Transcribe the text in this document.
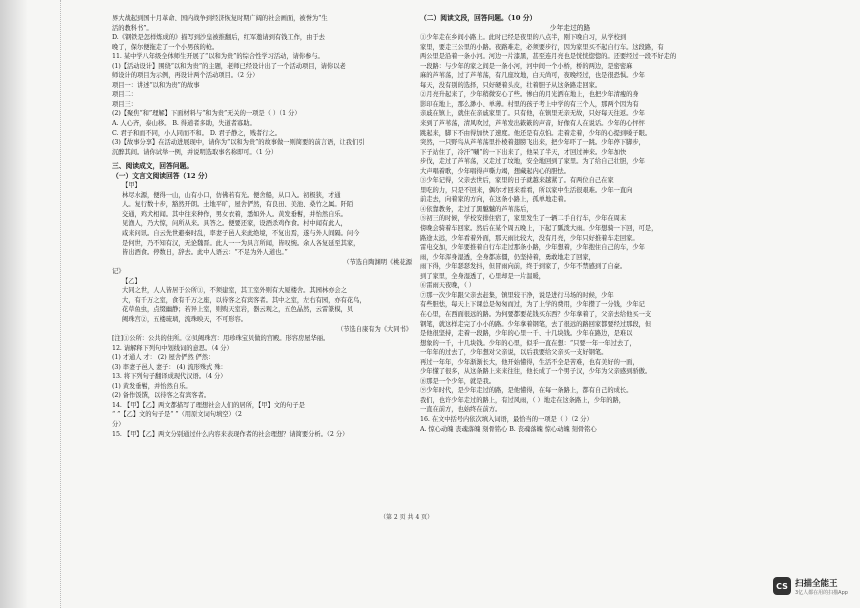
界大战起到国十月革命、国内战争到经济恢复时期广阔的社会画面，被誉为“生
活的教科书”。
D.《钢铁是怎样炼成的》描写到沙皇被推翻后，红军邀请到有钱工作，由于去
晚了，保尔便拖走了一个小男孩的枪。
11. 某中学八年级全体师生开展了“以和为贵”的综合性学习活动，请你参与。
(1)【活动设计】围绕“以和为贵”的主题，老师已经设计出了一个活动项目，请你以老
师设计的项目为示例，再设计两个活动项目。（2 分）
项目一：讲述“以和为贵”的故事
项目二：
项目三：
(2)【聚焦“和”理解】下面材料与“和为贵”无关的一项是（ ）（1 分）
A. 人心齐，泰山移。 B. 得道者多助，失道者寡助。
C. 君子和而不同，小人同而不和。 D. 君子静之，贱者行之。
(3)【故事分享】在活动进展现中，请你为“以和为贵”的故事做一则简要的前言语，让我们引
沉醉其间。请你试举一例，并说明选取事名称即可。（1 分）
三、阅读成文，回答问题。
（一）文言文阅读回答（12 分）
【甲】
林尽水源，便得一山，山有小口，仿佛若有光。便舍船，从口入。初极狭，才通
人。复行数十步，豁然开朗。土地平旷，屋舍俨然，有良田、美池、桑竹之属。阡陌
交通，鸡犬相闻。其中往来种作，男女衣着，悉如外人。黄发垂髫，并怡然自乐。
见渔人，乃大惊，问所从来。具答之。便要还家，设酒杀鸡作食。村中闻有此人，
咸来问讯。自云先世避秦时乱，率妻子邑人来此绝境，不复出焉，遂与外人间隔。问今
是何世，乃不知有汉，无论魏晋。此人一一为具言所闻，皆叹惋。余人各复延至其家，
皆出酒食。停数日，辞去。此中人语云：“不足为外人道也。”
（节选自陶渊明《桃花源
记》
【乙】
大同之世，人人皆居于公所①，不须建室，其工室外则有大厦楼舍。其园林亦会之
大，有千万之室，食有千万之座，以待客之有宾客者。其中之室，左右有园，亦有花鸟，
花草鱼虫，点缀幽静；若异上室，则购天室岩，器云观之，五色晶然，云雷篆模，贝
阙珠宫②，五楼琉璃，流珠映天，不可形容。
（节选自康有为《大同书》
[注]①公所：公共的住所。②贝阙珠宫：用珍珠宝贝做的宫殿。形容房屋华丽。
12. 请解释下列句中划线词的意思。（4 分）
(1) 才通人 才： (2) 屋舍俨然 俨然：
(3) 率妻子邑人 妻子： (4) 流形殊式 殊：
13. 将下列句子翻译成现代汉语。（4 分）
(1) 黄发垂髫，并怡然自乐。
(2) 备作饭馔，以待客之有宾客者。
14. 【甲】【乙】两文都描写了理想社会人们的居所，【甲】文的句子是
“ ”【乙】文的句子是“ ”（用原文词句填空）（2
分）
15. 【甲】【乙】两文分别通过什么内容来表现作者的社会理想？请简要分析。（2 分）
（二）阅读文段，回答问题。（10 分）
少年走过的路
①少年走在乡间小路上。此时已经是夜里的八点半，刚下晚自习，从学校到
家里，要走三公里的小路。夜路难走，必须要步行，因为家里买不起自行车。这段路，有
两公里是沿着一条小河。河边一片漆黑，甚至连月亮也是恍恍惚惚的。还要经过一段不好走的
一段路：与少年的家之间是一条小河，河中间一个小桥，桥的两边，是密密麻
麻的芦苇荡，过了芦苇荡，有几座坟地，白天尚可，夜晚经过，也是很恐惧。少年
每天，没有别的选择，只好硬着头皮，壮着胆子从这条路走回家。
②月亮升起来了，少年稍微安心了些。惨白的月光洒在地上，也把少年清瘦的身
影印在地上，那么渺小、单薄。村里的孩子考上中学的有三个人，那两个因为有
亲戚在镇上，就住在亲戚家里了。只有他，在镇里无亲无故，只好每天往返。少年
来到了芦苇荡，清风吹过，芦苇发出簌簌的声音，好像有人在说话。少年的心怦怦
跳起来，脚下不由得加快了速度。他还是有点怕。走着走着，少年的心提到嗓子眼。
突然，一只野鸟从芦苇荡里扑棱着翅膀飞出来，把少年吓了一跳。少年停下脚步，
下子站住了，冷汗“唰”的一下出来了，他呆了半天，才回过神来。少年加快
步伐，走过了芦苇荡，又走过了坟地，安全地回到了家里。为了给自己壮胆，少年
大声唱着歌，少年唱得声嘶力竭，想藏起内心的胆怯。
③少年记得，父亲去世后，家里的日子就越来越紧了。有两位自己在家
里吃的力，只是不回来，偶尔才回来看看，所以家中生活很艰难。少年一直向
前走去，向着家的方向，在这条小路上，孤单地走着。
④依靠教务，走过了黑魆魆的芦苇荡后，
⑤初三的时候，学校安排住宿了，家里发生了一辆二手自行车，少年在周末
傍晚会骑着车回家。然后在某个周五晚上，下起了瓢泼大雨。少年想骑一下回，可是，
路途太远，少年看着外面，那天雨比较大，没有月亮，少年只好推着车走回家。
雷电交加，少年要推着自行车走过那条小路，少年想着，少年抱住自己的车，少年
雨，少年浑身湿透，全身都冻僵，仍坚持着，勇敢地走了回家，
雨下得，少年瑟瑟发抖，但冒雨向前，终于到家了，少年不禁感到了自豪。
到了家里，全身湿透了，心里却是一片温暖，
⑥雷雨天夜晚，（ ）
⑦那一次少年跟父亲去赶集，镇里较干净，说是进行马场的时候，少年
有些胆怯，每天上下课总是匆匆而过，为了上学的费用，少年攒了一分钱，少年记
在心里，在西面很远的路。为何要都要花钱买东西？少年拿着了，父亲去给他买一支
钢笔，就这样走完了小小的路。少年拿着钢笔，去了很远的路回家都要经过那段，但
是他很坚持，走着一段路，少年的心里一千、十几块钱。少年在路边，是难以
想象的一千，十几块钱。少年的心里，似乎一直在想：“只要一年一年过去了，
一年年的过去了，少年想对父亲说，以后我要给父亲买一支好钢笔。
再过一年年，少年渐渐长大，他开始懂得，生活不全是苦难，也有美好的一面，
少年懂了很多，从这条路上来来往往，他长成了一个男子汉，少年为父亲感到骄傲。
⑧那是一个少年，就是我。
⑨少年时代，是少年走过的路，是他懂得，在每一条路上，都有自己的成长。
我们，也许少年走过的路上，有过风雨，（ ）地走在这条路上，少年的路，
一直在前方，也始终在前方。
16. 在文中括号内依次填入词语，最恰当的一项是（ ）（2 分）
A. 惊心动魄 丧魂落魄 刻骨铭心 B. 丧魂落魄 惊心动魄 刻骨铭心
（第 2 页 共 4 页）
CS 扫描全能王
3亿人都在用的扫描App
